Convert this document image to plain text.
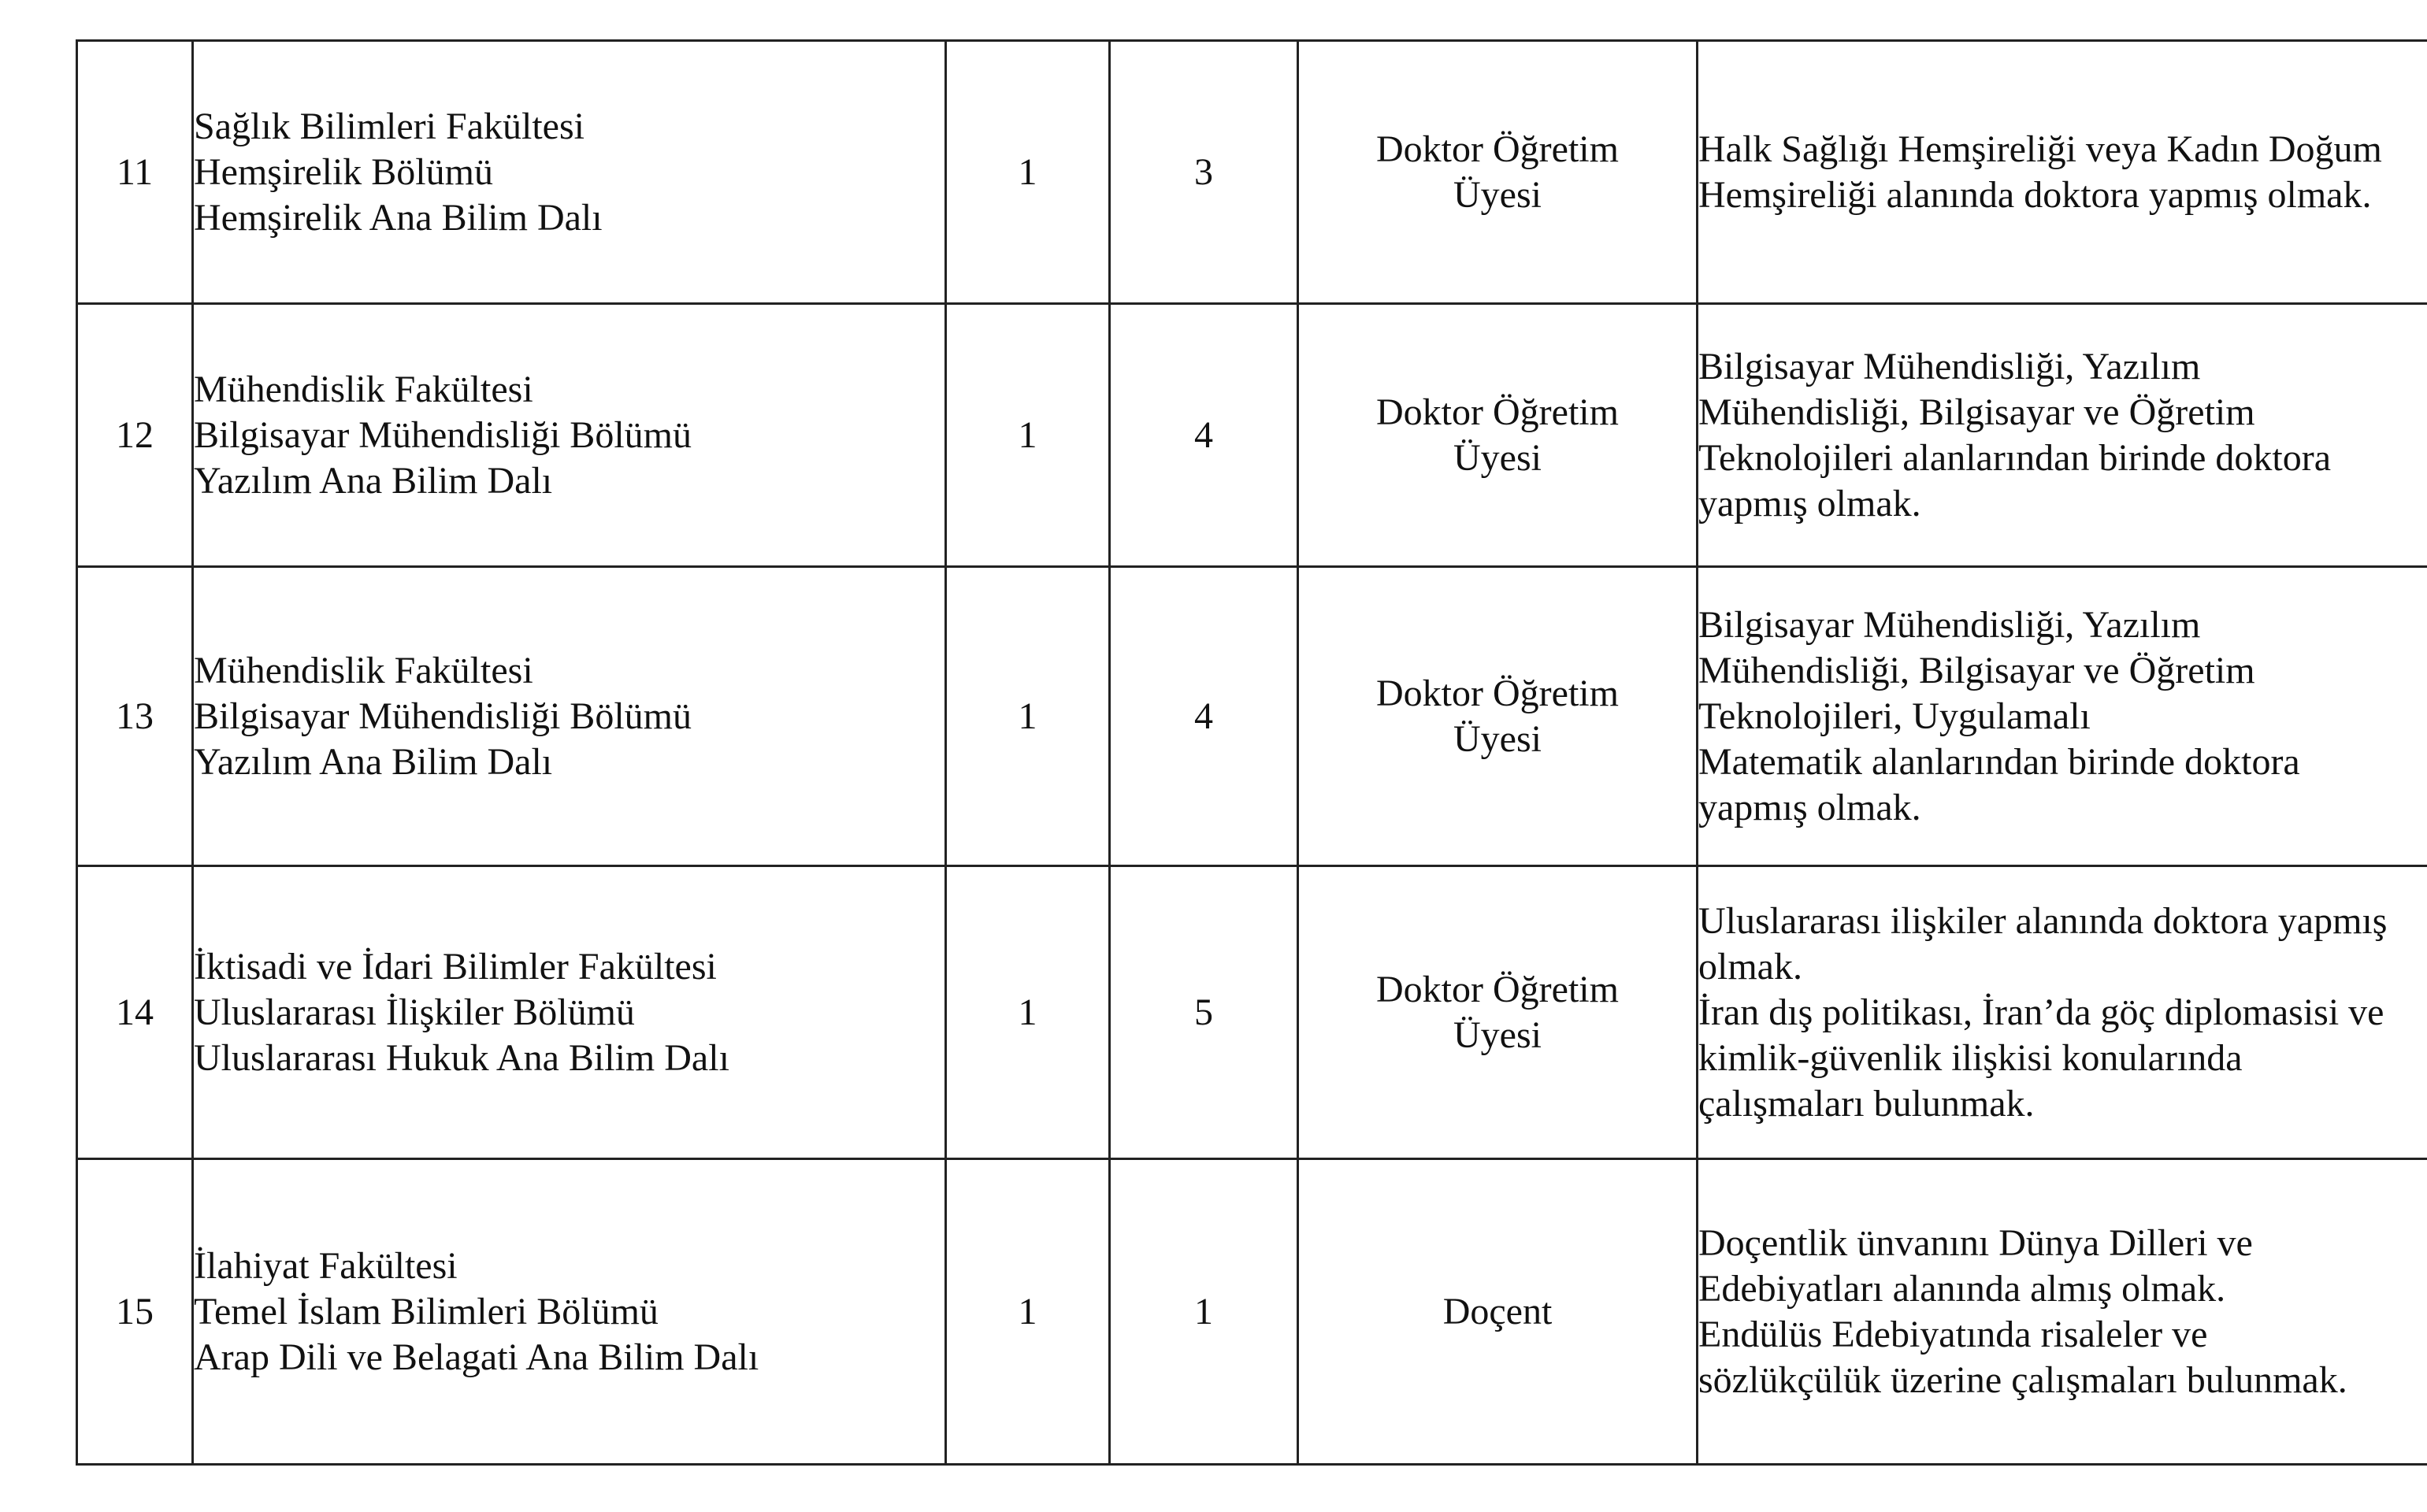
11	Sağlık Bilimleri Fakültesi
Hemşirelik Bölümü
Hemşirelik Ana Bilim Dalı	1	3	Doktor Öğretim
Üyesi	Halk Sağlığı Hemşireliği veya Kadın Doğum
Hemşireliği alanında doktora yapmış olmak.

12	Mühendislik Fakültesi
Bilgisayar Mühendisliği Bölümü
Yazılım Ana Bilim Dalı	1	4	Doktor Öğretim
Üyesi	Bilgisayar Mühendisliği, Yazılım
Mühendisliği, Bilgisayar ve Öğretim
Teknolojileri alanlarından birinde doktora
yapmış olmak.

13	Mühendislik Fakültesi
Bilgisayar Mühendisliği Bölümü
Yazılım Ana Bilim Dalı	1	4	Doktor Öğretim
Üyesi	Bilgisayar Mühendisliği, Yazılım
Mühendisliği, Bilgisayar ve Öğretim
Teknolojileri, Uygulamalı
Matematik alanlarından birinde doktora
yapmış olmak.

14	İktisadi ve İdari Bilimler Fakültesi
Uluslararası İlişkiler Bölümü
Uluslararası Hukuk Ana Bilim Dalı	1	5	Doktor Öğretim
Üyesi	Uluslararası ilişkiler alanında doktora yapmış
olmak.
İran dış politikası, İran’da göç diplomasisi ve
kimlik-güvenlik ilişkisi konularında
çalışmaları bulunmak.

15	İlahiyat Fakültesi
Temel İslam Bilimleri Bölümü
Arap Dili ve Belagati Ana Bilim Dalı	1	1	Doçent	Doçentlik ünvanını Dünya Dilleri ve
Edebiyatları alanında almış olmak.
Endülüs Edebiyatında risaleler ve
sözlükçülük üzerine çalışmaları bulunmak.
